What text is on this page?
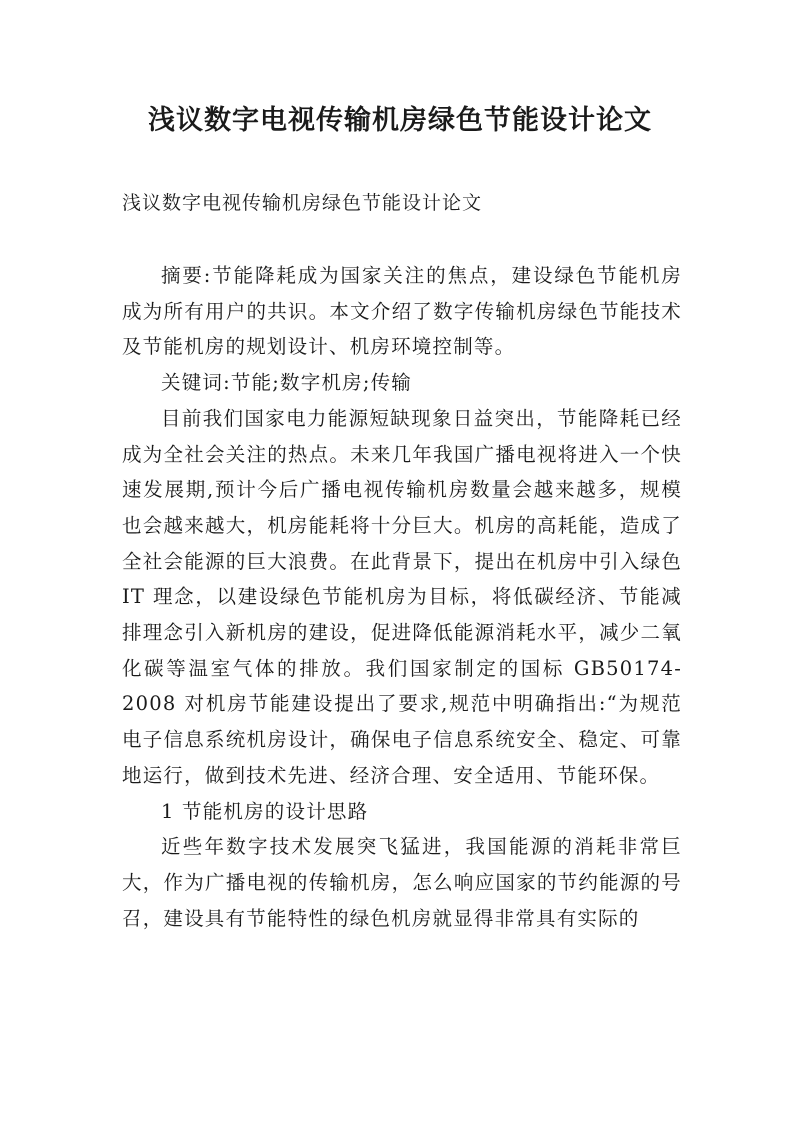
浅议数字电视传输机房绿色节能设计论文
浅议数字电视传输机房绿色节能设计论文

摘要:节能降耗成为国家关注的焦点，建设绿色节能机房成为所有用户的共识。本文介绍了数字传输机房绿色节能技术及节能机房的规划设计、机房环境控制等。

关键词:节能;数字机房;传输

目前我们国家电力能源短缺现象日益突出，节能降耗已经成为全社会关注的热点。未来几年我国广播电视将进入一个快速发展期,预计今后广播电视传输机房数量会越来越多，规模也会越来越大，机房能耗将十分巨大。机房的高耗能，造成了全社会能源的巨大浪费。在此背景下，提出在机房中引入绿色 IT 理念，以建设绿色节能机房为目标，将低碳经济、节能减排理念引入新机房的建设，促进降低能源消耗水平，减少二氧化碳等温室气体的排放。我们国家制定的国标 GB50174-2008 对机房节能建设提出了要求,规范中明确指出:“为规范电子信息系统机房设计，确保电子信息系统安全、稳定、可靠地运行，做到技术先进、经济合理、安全适用、节能环保。

1 节能机房的设计思路

近些年数字技术发展突飞猛进，我国能源的消耗非常巨大，作为广播电视的传输机房，怎么响应国家的节约能源的号召，建设具有节能特性的绿色机房就显得非常具有实际的
